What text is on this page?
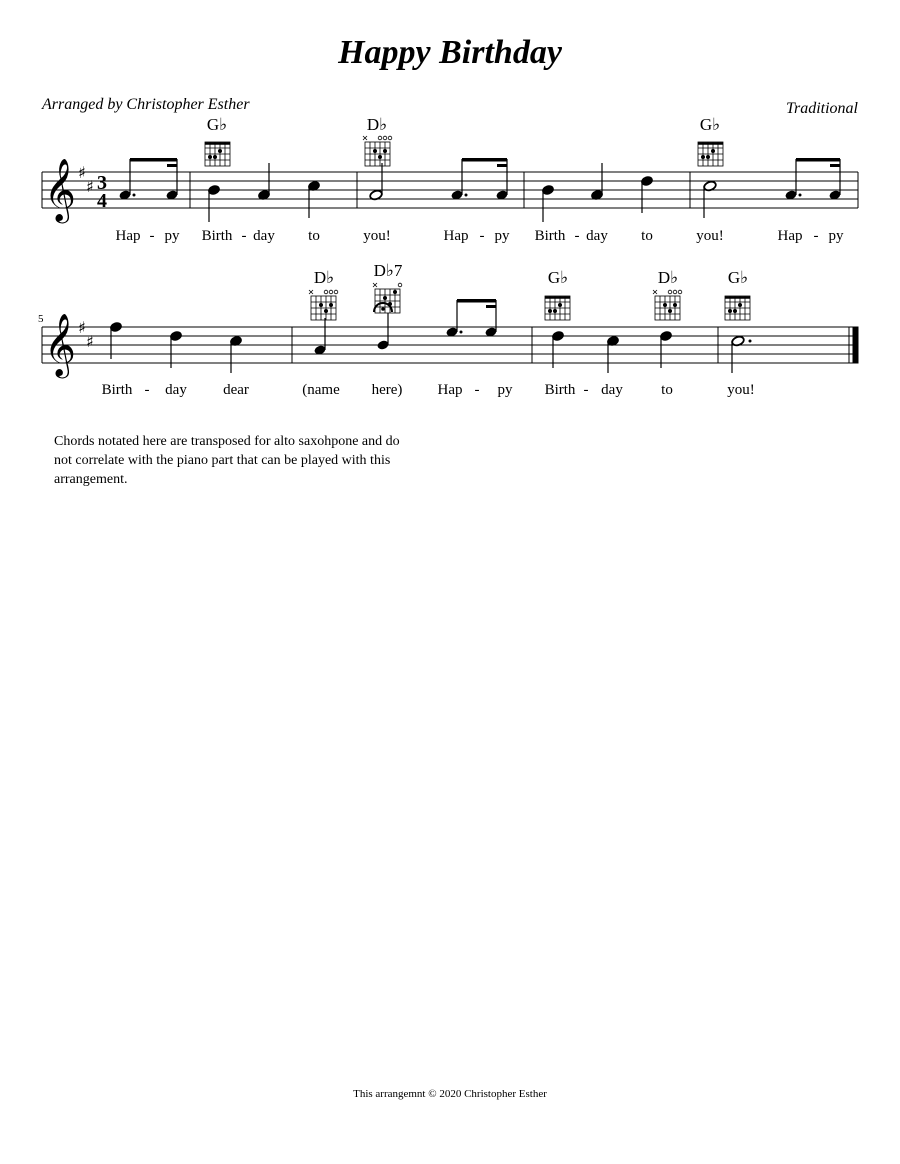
Happy Birthday
Arranged by Christopher Esther	Traditional
𝄞 ♯
♯ 3
4
G♭	D♭	G♭
Hap - py Birth - day to	you!	Hap - py Birth - day to	you!	Hap - py
5 𝄞 ♯
♯
D♭ D♭7	G♭	D♭	G♭
Birth - day dear	(name here) Hap - py Birth - day	to	you!
Chords notated here are transposed for alto saxohpone and do not correlate with the piano part that can be played with this arrangement.
This arrangemnt © 2020 Christopher Esther
